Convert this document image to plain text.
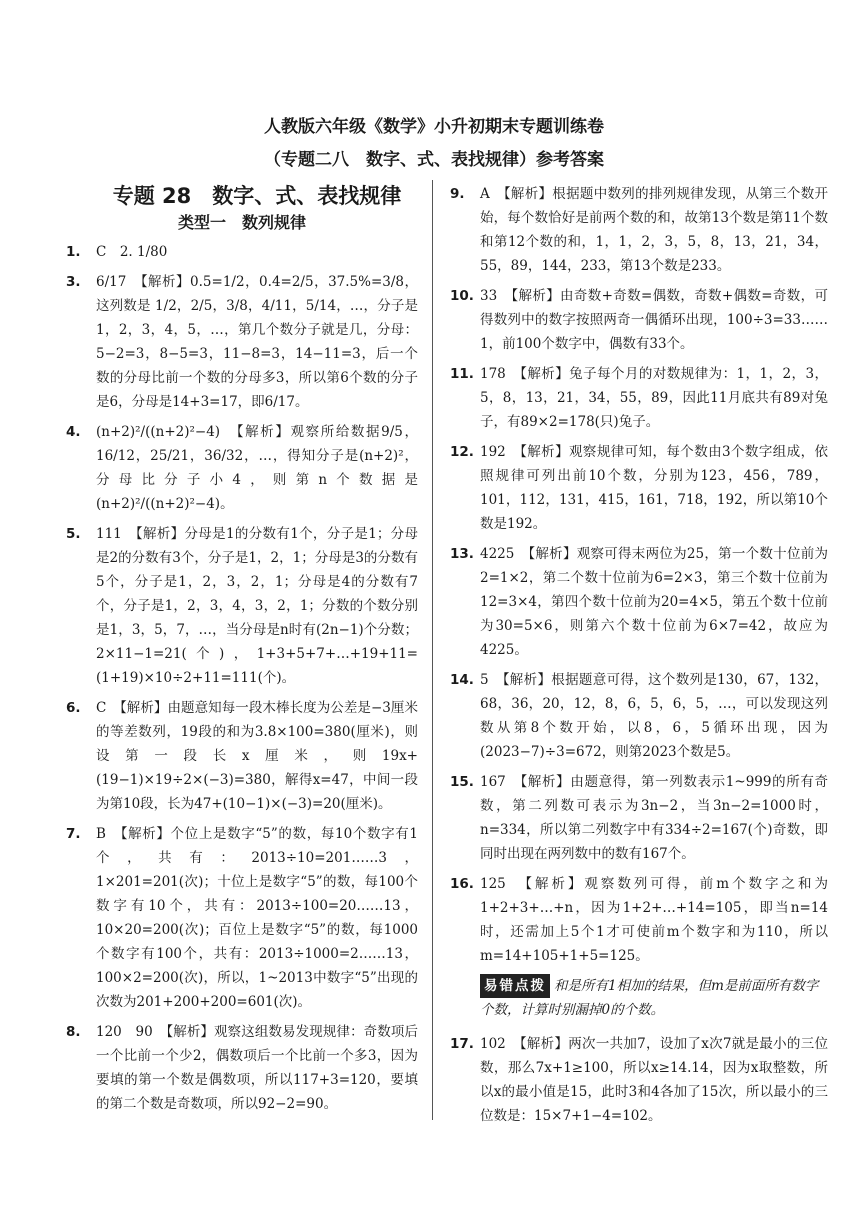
人教版六年级《数学》小升初期末专题训练卷
（专题二八　数字、式、表找规律）参考答案
专题 28　数字、式、表找规律
类型一　数列规律
1.	C　2. 1/80
3.	6/17　【解析】0.5=1/2，0.4=2/5，37.5%=3/8，这列数是 1/2，2/5，3/8，4/11，5/14，…，分子是1，2，3，4，5，…，第几个数分子就是几，分母：5−2=3，8−5=3，11−8=3，14−11=3，后一个数的分母比前一个数的分母多3，所以第6个数的分子是6，分母是14+3=17，即6/17。
4.	(n+2)²/((n+2)²−4)　【解析】观察所给数据9/5，16/12，25/21，36/32，…，得知分子是(n+2)²，分母比分子小4，则第n个数据是(n+2)²/((n+2)²−4)。
5.	111　【解析】分母是1的分数有1个，分子是1；分母是2的分数有3个，分子是1，2，1；分母是3的分数有5个，分子是1，2，3，2，1；分母是4的分数有7个，分子是1，2，3，4，3，2，1；分数的个数分别是1，3，5，7，…，当分母是n时有(2n−1)个分数；2×11−1=21(个)，1+3+5+7+…+19+11=(1+19)×10÷2+11=111(个)。
6.	C　【解析】由题意知每一段木棒长度为公差是−3厘米的等差数列，19段的和为3.8×100=380(厘米)，则设第一段长x厘米，则19x+(19−1)×19÷2×(−3)=380，解得x=47，中间一段为第10段，长为47+(10−1)×(−3)=20(厘米)。
7.	B　【解析】个位上是数字“5”的数，每10个数字有1个，共有：2013÷10=201……3，1×201=201(次)；十位上是数字“5”的数，每100个数字有10个，共有：2013÷100=20……13，10×20=200(次)；百位上是数字“5”的数，每1000个数字有100个，共有：2013÷1000=2……13，100×2=200(次)，所以，1~2013中数字“5”出现的次数为201+200+200=601(次)。
8.	120　90　【解析】观察这组数易发现规律：奇数项后一个比前一个少2，偶数项后一个比前一个多3，因为要填的第一个数是偶数项，所以117+3=120，要填的第二个数是奇数项，所以92−2=90。
9.	A　【解析】根据题中数列的排列规律发现，从第三个数开始，每个数恰好是前两个数的和，故第13个数是第11个数和第12个数的和，1，1，2，3，5，8，13，21，34，55，89，144，233，第13个数是233。
10. 33　【解析】由奇数+奇数=偶数，奇数+偶数=奇数，可得数列中的数字按照两奇一偶循环出现，100÷3=33……1，前100个数字中，偶数有33个。
11. 178　【解析】兔子每个月的对数规律为：1，1，2，3，5，8，13，21，34，55，89，因此11月底共有89对兔子，有89×2=178(只)兔子。
12. 192　【解析】观察规律可知，每个数由3个数字组成，依照规律可列出前10个数，分别为123，456，789，101，112，131，415，161，718，192，所以第10个数是192。
13. 4225　【解析】观察可得末两位为25，第一个数十位前为2=1×2，第二个数十位前为6=2×3，第三个数十位前为12=3×4，第四个数十位前为20=4×5，第五个数十位前为30=5×6，则第六个数十位前为6×7=42，故应为4225。
14. 5　【解析】根据题意可得，这个数列是130，67，132，68，36，20，12，8，6，5，6，5，…，可以发现这列数从第8个数开始，以8，6，5循环出现，因为(2023−7)÷3=672，则第2023个数是5。
15. 167　【解析】由题意得，第一列数表示1~999的所有奇数，第二列数可表示为3n−2，当3n−2=1000时，n=334，所以第二列数字中有334÷2=167(个)奇数，即同时出现在两列数中的数有167个。
16. 125　【解析】观察数列可得，前m个数字之和为1+2+3+…+n，因为1+2+…+14=105，即当n=14时，还需加上5个1才可使前m个数字和为110，所以m=14+105+1+5=125。
易错点拨 和是所有1相加的结果，但m是前面所有数字个数，计算时别漏掉0的个数。
17. 102　【解析】两次一共加7，设加了x次7就是最小的三位数，那么7x+1≥100，所以x≥14.14，因为x取整数，所以x的最小值是15，此时3和4各加了15次，所以最小的三位数是：15×7+1−4=102。
